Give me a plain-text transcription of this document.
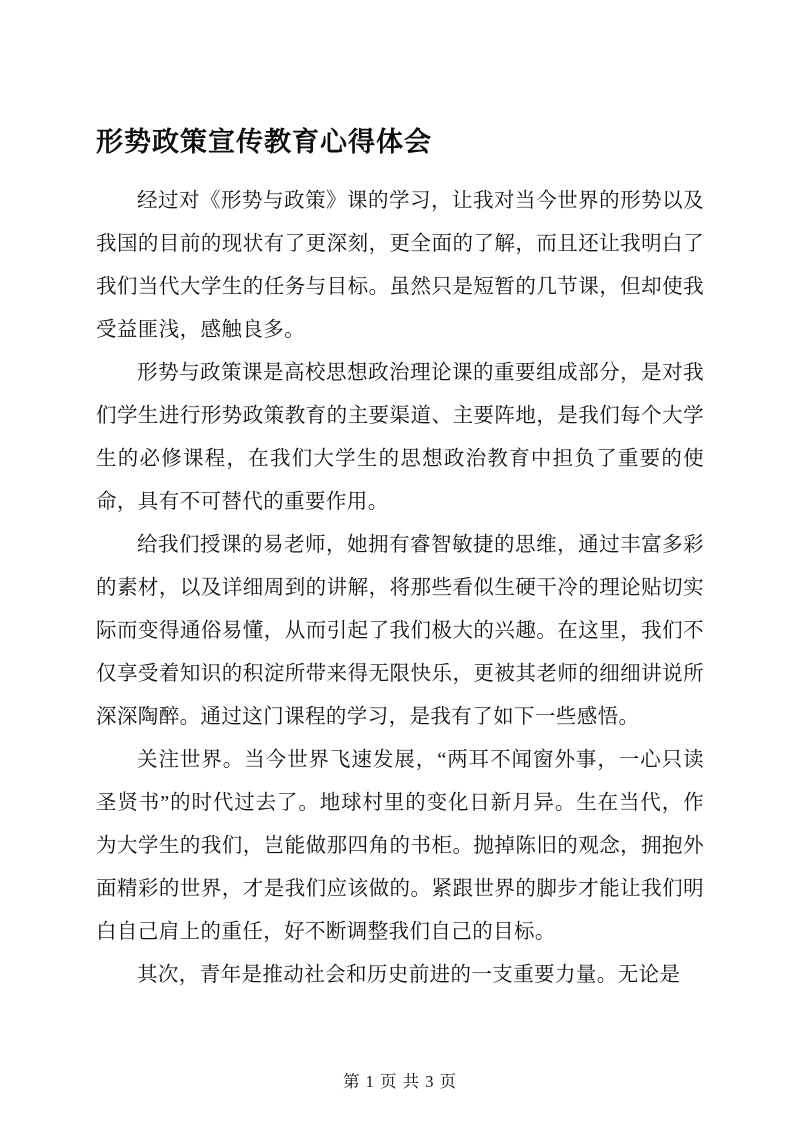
形势政策宣传教育心得体会

经过对《形势与政策》课的学习，让我对当今世界的形势以及我国的目前的现状有了更深刻，更全面的了解，而且还让我明白了我们当代大学生的任务与目标。虽然只是短暂的几节课，但却使我受益匪浅，感触良多。

形势与政策课是高校思想政治理论课的重要组成部分，是对我们学生进行形势政策教育的主要渠道、主要阵地，是我们每个大学生的必修课程，在我们大学生的思想政治教育中担负了重要的使命，具有不可替代的重要作用。

给我们授课的易老师，她拥有睿智敏捷的思维，通过丰富多彩的素材，以及详细周到的讲解，将那些看似生硬干冷的理论贴切实际而变得通俗易懂，从而引起了我们极大的兴趣。在这里，我们不仅享受着知识的积淀所带来得无限快乐，更被其老师的细细讲说所深深陶醉。通过这门课程的学习，是我有了如下一些感悟。

关注世界。当今世界飞速发展，“两耳不闻窗外事，一心只读圣贤书”的时代过去了。地球村里的变化日新月异。生在当代，作为大学生的我们，岂能做那四角的书柜。抛掉陈旧的观念，拥抱外面精彩的世界，才是我们应该做的。紧跟世界的脚步才能让我们明白自己肩上的重任，好不断调整我们自己的目标。

其次，青年是推动社会和历史前进的一支重要力量。无论是

第 1 页 共 3 页
